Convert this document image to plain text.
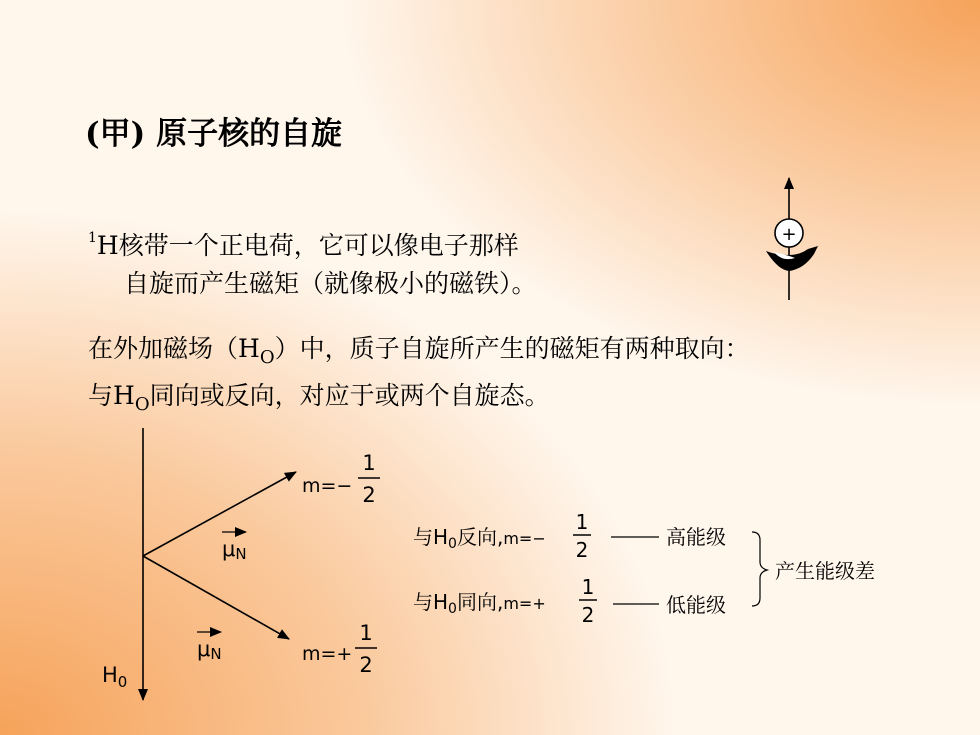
(甲) 原子核的自旋
$^1$H核带一个正电荷，它可以像电子那样
自旋而产生磁矩（就像极小的磁铁）。
在外加磁场$(H_O)$中，质子自旋所产生的磁矩有两种取向：
与$H_O$同向或反向，对应于或两个自旋态。
+
$H_0$
μN
μN
m=−
1
2
m=+
1
2
与$H_0$反向,m=−
1
2
高能级
与$H_0$同向,m=+
1
2	低能级
产生能级差
